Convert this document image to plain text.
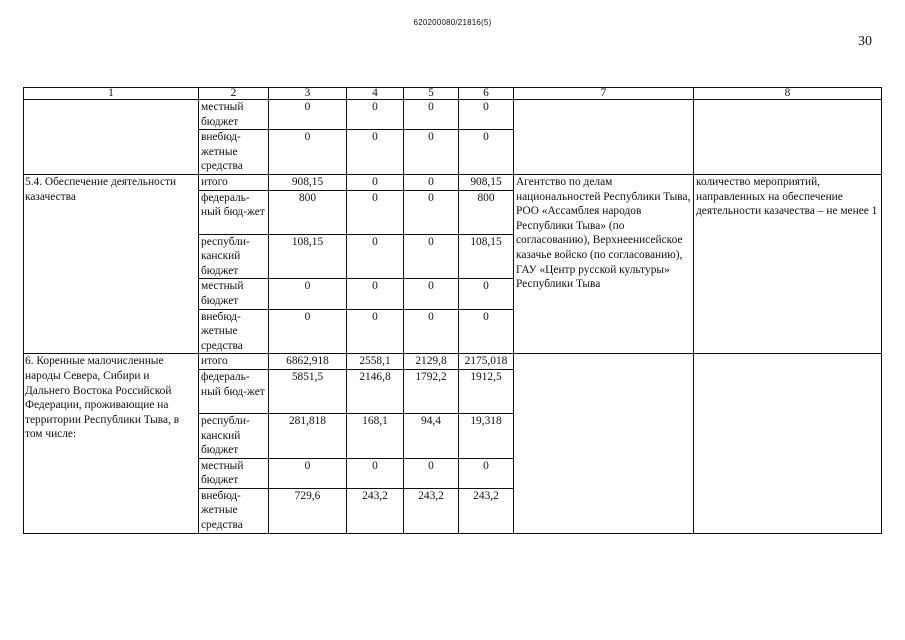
620200080/21816(5)
30
1	2	3	4	5	6	7	8
	местный бюджет	0	0	0	0		
	внебюд-жетные средства	0	0	0	0		
5.4. Обеспечение деятельности казачества	итого	908,15	0	0	908,15	Агентство по делам национальностей Республики Тыва, РОО «Ассамблея народов Республики Тыва» (по согласованию), Верхнеенисейское казачье войско (по согласованию), ГАУ «Центр русской культуры» Республики Тыва	количество мероприятий, направленных на обеспечение деятельности казачества – не менее 1
	федераль-ный бюд-жет	800	0	0	800		
	республи-канский бюджет	108,15	0	0	108,15		
	местный бюджет	0	0	0	0		
	внебюд-жетные средства	0	0	0	0		
6. Коренные малочисленные народы Севера, Сибири и Дальнего Востока Российской Федерации, проживающие на территории Республики Тыва, в том числе:	итого	6862,918	2558,1	2129,8	2175,018		
	федераль-ный бюд-жет	5851,5	2146,8	1792,2	1912,5		
	республи-канский бюджет	281,818	168,1	94,4	19,318		
	местный бюджет	0	0	0	0		
	внебюд-жетные средства	729,6	243,2	243,2	243,2		
